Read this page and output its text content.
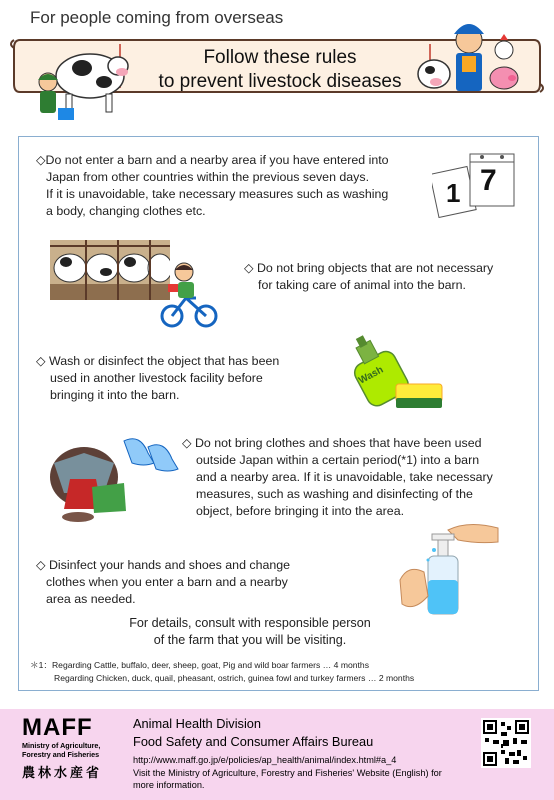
For people coming from overseas
Follow these rules
to prevent livestock diseases
◇Do not enter a barn and a nearby area if you have entered into
Japan from other countries within the previous seven days.
If it is unavoidable, take necessary measures such as washing
a body, changing clothes etc.
1 7
◇ Do not bring objects that are not necessary
for taking care of animal into the barn.
◇ Wash or disinfect the object that has been
used in another livestock facility before
bringing it into the barn.
Wash
◇ Do not bring clothes and shoes that have been used
outside Japan within a certain period(*1) into a barn
and a nearby area. If it is unavoidable, take necessary
measures, such as washing and disinfecting of the
object, before bringing it into the area.
◇ Disinfect your hands and shoes and change
clothes when you enter a barn and a nearby
area as needed.
For details, consult with responsible person
of the farm that you will be visiting.
＊1：Regarding Cattle, buffalo, deer, sheep, goat, Pig and wild boar farmers … 4 months
Regarding Chicken, duck, quail, pheasant, ostrich, guinea fowl and turkey farmers … 2 months
MAFF
Ministry of Agriculture,
Forestry and Fisheries
農林水産省
Animal Health Division
Food Safety and Consumer Affairs Bureau
http://www.maff.go.jp/e/policies/ap_health/animal/index.html#a_4
Visit the Ministry of Agriculture, Forestry and Fisheries' Website (English) for more information.
